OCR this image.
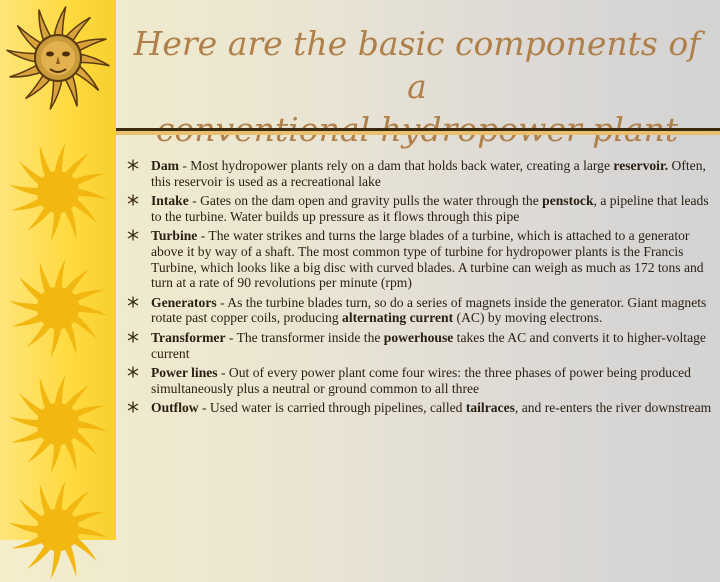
Here are the basic components of a
Dam - Most hydropower plants rely on a dam that holds back water, creating a large reservoir. Often, this reservoir is used as a recreational lake
Intake - Gates on the dam open and gravity pulls the water through the penstock, a pipeline that leads to the turbine. Water builds up pressure as it flows through this pipe
Turbine - The water strikes and turns the large blades of a turbine, which is attached to a generator above it by way of a shaft. The most common type of turbine for hydropower plants is the Francis Turbine, which looks like a big disc with curved blades. A turbine can weigh as much as 172 tons and turn at a rate of 90 revolutions per minute (rpm)
Generators - As the turbine blades turn, so do a series of magnets inside the generator. Giant magnets rotate past copper coils, producing alternating current (AC) by moving electrons.
Transformer - The transformer inside the powerhouse takes the AC and converts it to higher-voltage current
Power lines - Out of every power plant come four wires: the three phases of power being produced simultaneously plus a neutral or ground common to all three
Outflow - Used water is carried through pipelines, called tailraces, and re-enters the river downstream
